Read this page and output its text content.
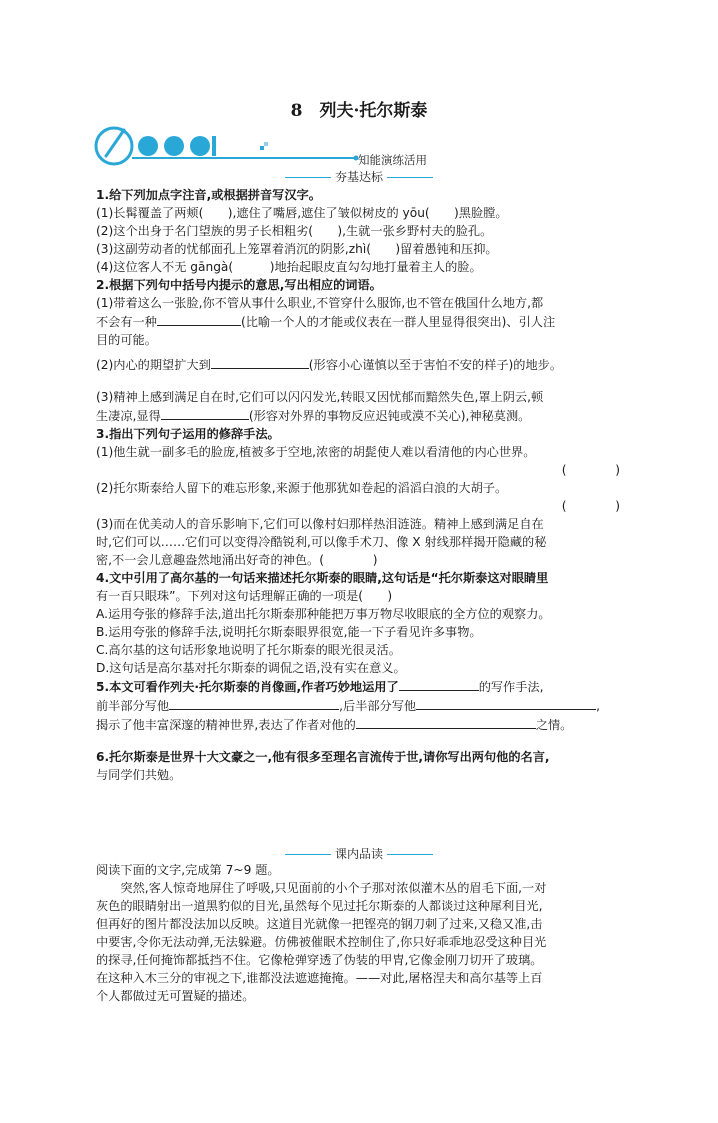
8　列夫·托尔斯泰
知能演练活用
夯基达标

1.给下列加点字注音,或根据拼音写汉字。

(1)长髯覆盖了两颊(　　),遮住了嘴唇,遮住了皱似树皮的 yōu(　　)黑脸膛。

(2)这个出身于名门望族的男子长相粗劣(　　),生就一张乡野村夫的脸孔。

(3)这副劳动者的忧郁面孔上笼罩着消沉的阴影,zhì(　　)留着愚钝和压抑。

(4)这位客人不无 gāngà(　　　)地抬起眼皮直勾勾地打量着主人的脸。

2.根据下列句中括号内提示的意思,写出相应的词语。

(1)带着这么一张脸,你不管从事什么职业,不管穿什么服饰,也不管在俄国什么地方,都

不会有一种	(比喻一个人的才能或仪表在一群人里显得很突出)、引人注

目的可能。

(2)内心的期望扩大到	(形容小心谨慎以至于害怕不安的样子)的地步。

(3)精神上感到满足自在时,它们可以闪闪发光,转眼又因忧郁而黯然失色,罩上阴云,顿

生凄凉,显得	(形容对外界的事物反应迟钝或漠不关心),神秘莫测。

3.指出下列句子运用的修辞手法。

(1)他生就一副多毛的脸庞,植被多于空地,浓密的胡髭使人难以看清他的内心世界。

(　　　　)

(2)托尔斯泰给人留下的难忘形象,来源于他那犹如卷起的滔滔白浪的大胡子。

(　　　　)

(3)而在优美动人的音乐影响下,它们可以像村妇那样热泪涟涟。精神上感到满足自在

时,它们可以……它们可以变得冷酷锐利,可以像手术刀、像 X 射线那样揭开隐藏的秘

密,不一会儿意趣盎然地涌出好奇的神色。(　　　　)

4.文中引用了高尔基的一句话来描述托尔斯泰的眼睛,这句话是“托尔斯泰这对眼睛里

有一百只眼珠”。下列对这句话理解正确的一项是(　　)

A.运用夸张的修辞手法,道出托尔斯泰那种能把万事万物尽收眼底的全方位的观察力。

B.运用夸张的修辞手法,说明托尔斯泰眼界很宽,能一下子看见许多事物。

C.高尔基的这句话形象地说明了托尔斯泰的眼光很灵活。

D.这句话是高尔基对托尔斯泰的调侃之语,没有实在意义。

5.本文可看作列夫·托尔斯泰的肖像画,作者巧妙地运用了	的写作手法,

前半部分写他	,后半部分写他	,

揭示了他丰富深邃的精神世界,表达了作者对他的	之情。

6.托尔斯泰是世界十大文豪之一,他有很多至理名言流传于世,请你写出两句他的名言,

与同学们共勉。

课内品读

阅读下面的文字,完成第 7~9 题。

突然,客人惊奇地屏住了呼吸,只见面前的小个子那对浓似灌木丛的眉毛下面,一对

灰色的眼睛射出一道黑豹似的目光,虽然每个见过托尔斯泰的人都谈过这种犀利目光,

但再好的图片都没法加以反映。这道目光就像一把铿亮的钢刀刺了过来,又稳又准,击

中要害,令你无法动弹,无法躲避。仿佛被催眠术控制住了,你只好乖乖地忍受这种目光

的探寻,任何掩饰都抵挡不住。它像枪弹穿透了伪装的甲胄,它像金刚刀切开了玻璃。

在这种入木三分的审视之下,谁都没法遮遮掩掩。——对此,屠格涅夫和高尔基等上百

个人都做过无可置疑的描述。
